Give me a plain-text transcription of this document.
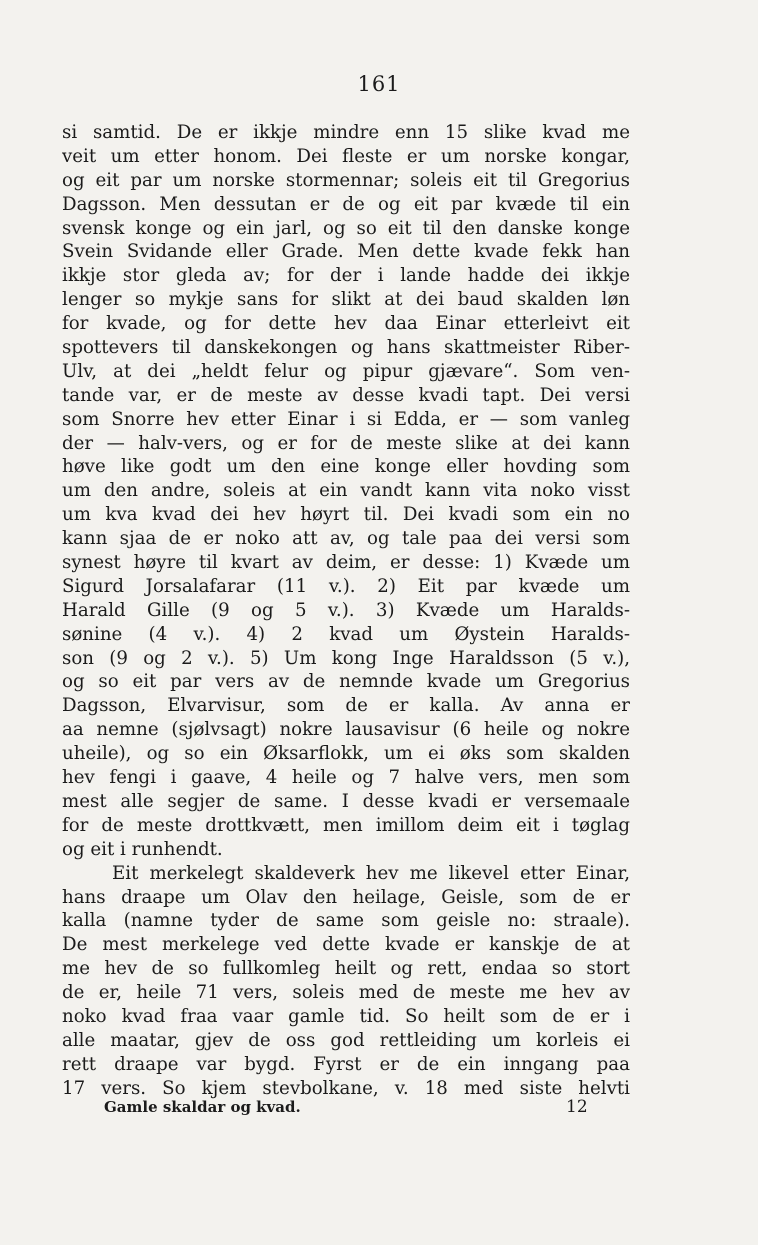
161
si samtid. De er ikkje mindre enn 15 slike kvad me
veit um etter honom. Dei fleste er um norske kongar,
og eit par um norske stormennar; soleis eit til Gregorius
Dagsson. Men dessutan er de og eit par kvæde til ein
svensk konge og ein jarl, og so eit til den danske konge
Svein Svidande eller Grade. Men dette kvade fekk han
ikkje stor gleda av; for der i lande hadde dei ikkje
lenger so mykje sans for slikt at dei baud skalden løn
for kvade, og for dette hev daa Einar etterleivt eit
spottevers til danskekongen og hans skattmeister Riber-
Ulv, at dei „heldt felur og pipur gjævare“. Som ven-
tande var, er de meste av desse kvadi tapt. Dei versi
som Snorre hev etter Einar i si Edda, er — som vanleg
der — halv-vers, og er for de meste slike at dei kann
høve like godt um den eine konge eller hovding som
um den andre, soleis at ein vandt kann vita noko visst
um kva kvad dei hev høyrt til. Dei kvadi som ein no
kann sjaa de er noko att av, og tale paa dei versi som
synest høyre til kvart av deim, er desse: 1) Kvæde um
Sigurd Jorsalafarar (11 v.). 2) Eit par kvæde um
Harald Gille (9 og 5 v.). 3) Kvæde um Haralds-
sønine (4 v.). 4) 2 kvad um Øystein Haralds-
son (9 og 2 v.). 5) Um kong Inge Haraldsson (5 v.),
og so eit par vers av de nemnde kvade um Gregorius
Dagsson, Elvarvisur, som de er kalla. Av anna er
aa nemne (sjølvsagt) nokre lausavisur (6 heile og nokre
uheile), og so ein Øksarflokk, um ei øks som skalden
hev fengi i gaave, 4 heile og 7 halve vers, men som
mest alle segjer de same. I desse kvadi er versemaale
for de meste drottkvætt, men imillom deim eit i tøglag
og eit i runhendt.
Eit merkelegt skaldeverk hev me likevel etter Einar,
hans draape um Olav den heilage, Geisle, som de er
kalla (namne tyder de same som geisle no: straale).
De mest merkelege ved dette kvade er kanskje de at
me hev de so fullkomleg heilt og rett, endaa so stort
de er, heile 71 vers, soleis med de meste me hev av
noko kvad fraa vaar gamle tid. So heilt som de er i
alle maatar, gjev de oss god rettleiding um korleis ei
rett draape var bygd. Fyrst er de ein inngang paa
17 vers. So kjem stevbolkane, v. 18 med siste helvti
Gamle skaldar og kvad.	12
